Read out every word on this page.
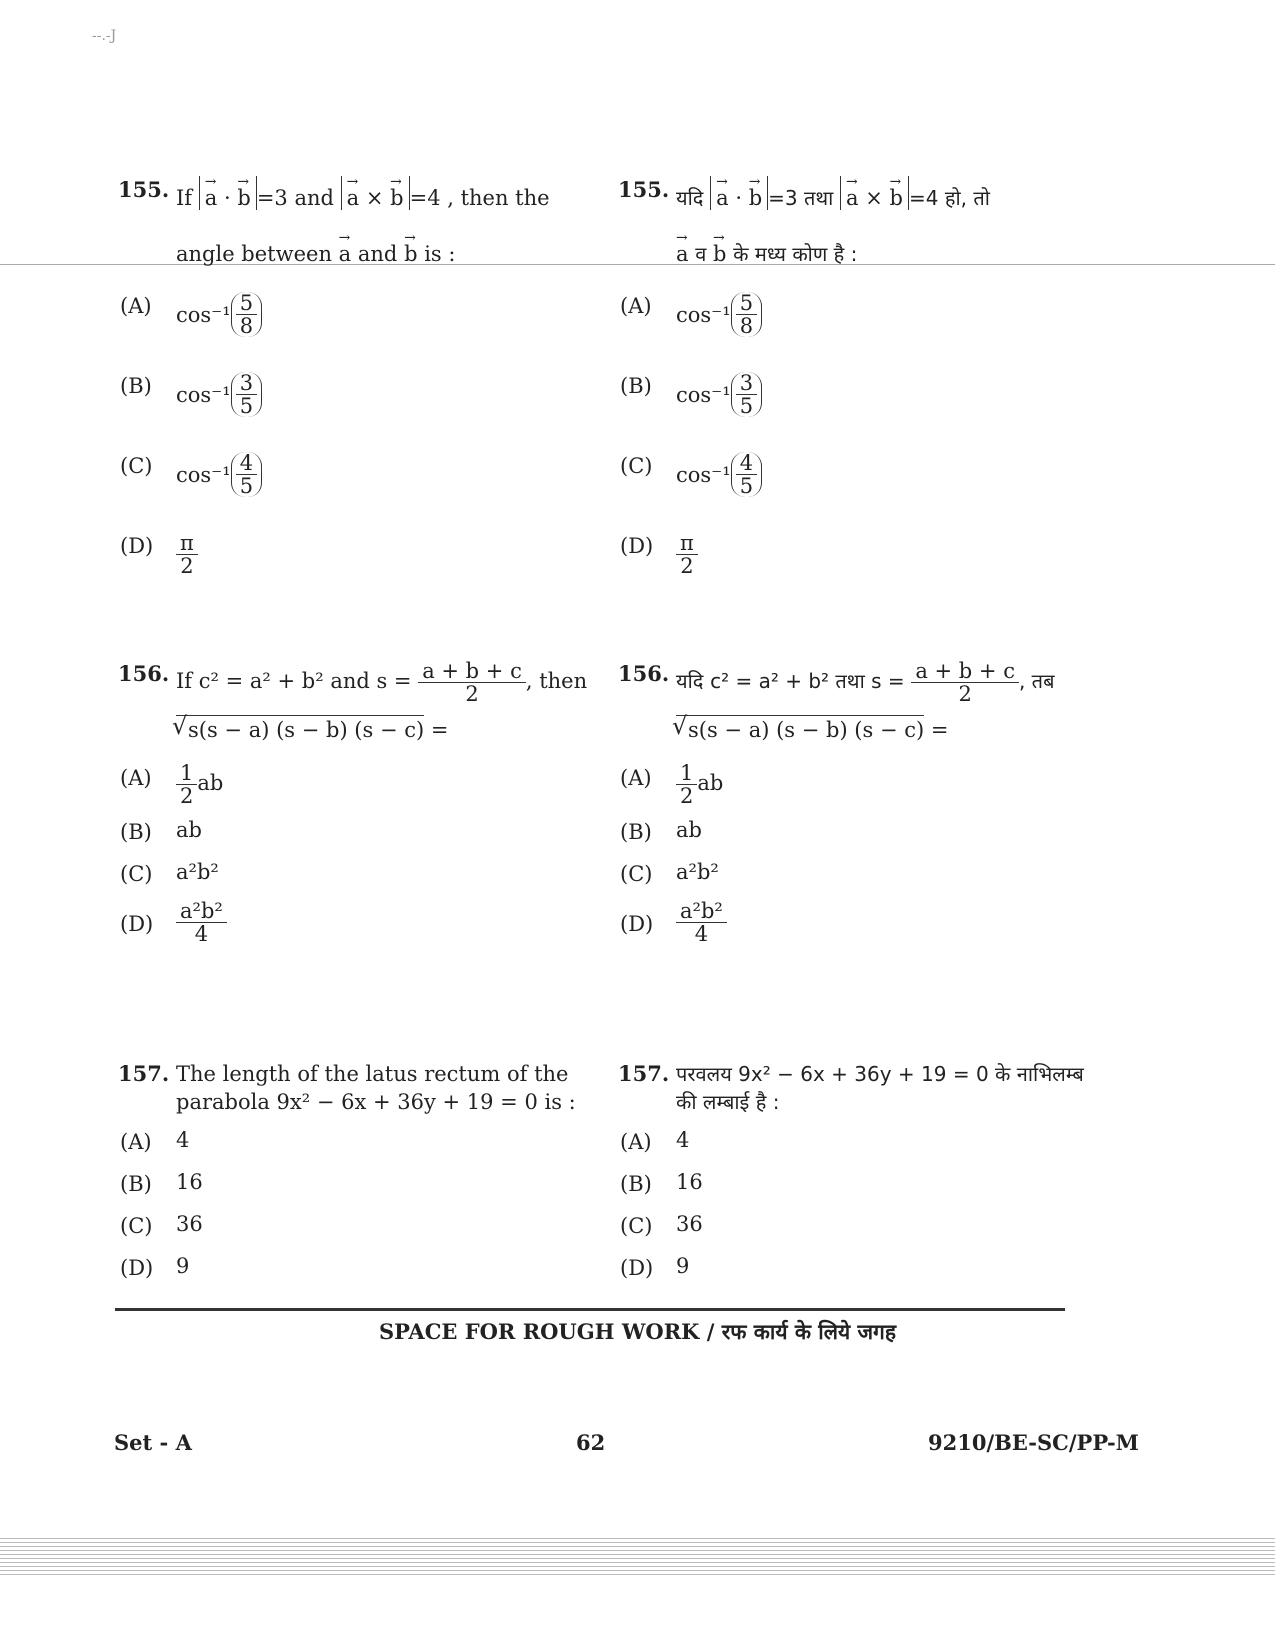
--.-J
155. If → a · → b =3 and → a × → b =4 , then the
angle between → a and → b is :
(A) $\cos^{-1} \frac{5}{8}$
(B) $\cos^{-1} \frac{3}{5}$
(C) $\cos^{-1} \frac{4}{5}$
$(D) \frac{\pi}{2}$
156. If c² = a² + b² and $s = \frac{a + b + c}{2}$ , then
√ s(s − a) (s − b) (s − c) =
$(A) \frac{1}{2}$ ab
(B) ab
(C) a²b²
$(D) \frac{\text{a²b²}}{4}$
157. The length of the latus rectum of the
parabola 9x² − 6x + 36y + 19 = 0 is :
(A) 4
(B) 16
(C) 36
(D) 9
155. यदि → a · → b =3 तथा → a × → b =4 हो, तो
→ a व → b के मध्य कोण है :
(A) $\cos^{-1} \frac{5}{8}$
(B) $\cos^{-1} \frac{3}{5}$
(C) $\cos^{-1} \frac{4}{5}$
$(D) \frac{\pi}{2}$
156. यदि c² = a² + b² तथा $s = \frac{a + b + c}{2}$ , तब
√ s(s − a) (s − b) (s − c) =
$(A) \frac{1}{2}$ ab
(B) ab
(C) a²b²
$(D) \frac{\text{a²b²}}{4}$
157. परवलय 9x² − 6x + 36y + 19 = 0 के नाभिलम्ब
की लम्बाई है :
(A) 4
(B) 16
(C) 36
(D) 9
SPACE FOR ROUGH WORK / रफ कार्य के लिये जगह
Set - A	62	9210/BE-SC/PP-M
